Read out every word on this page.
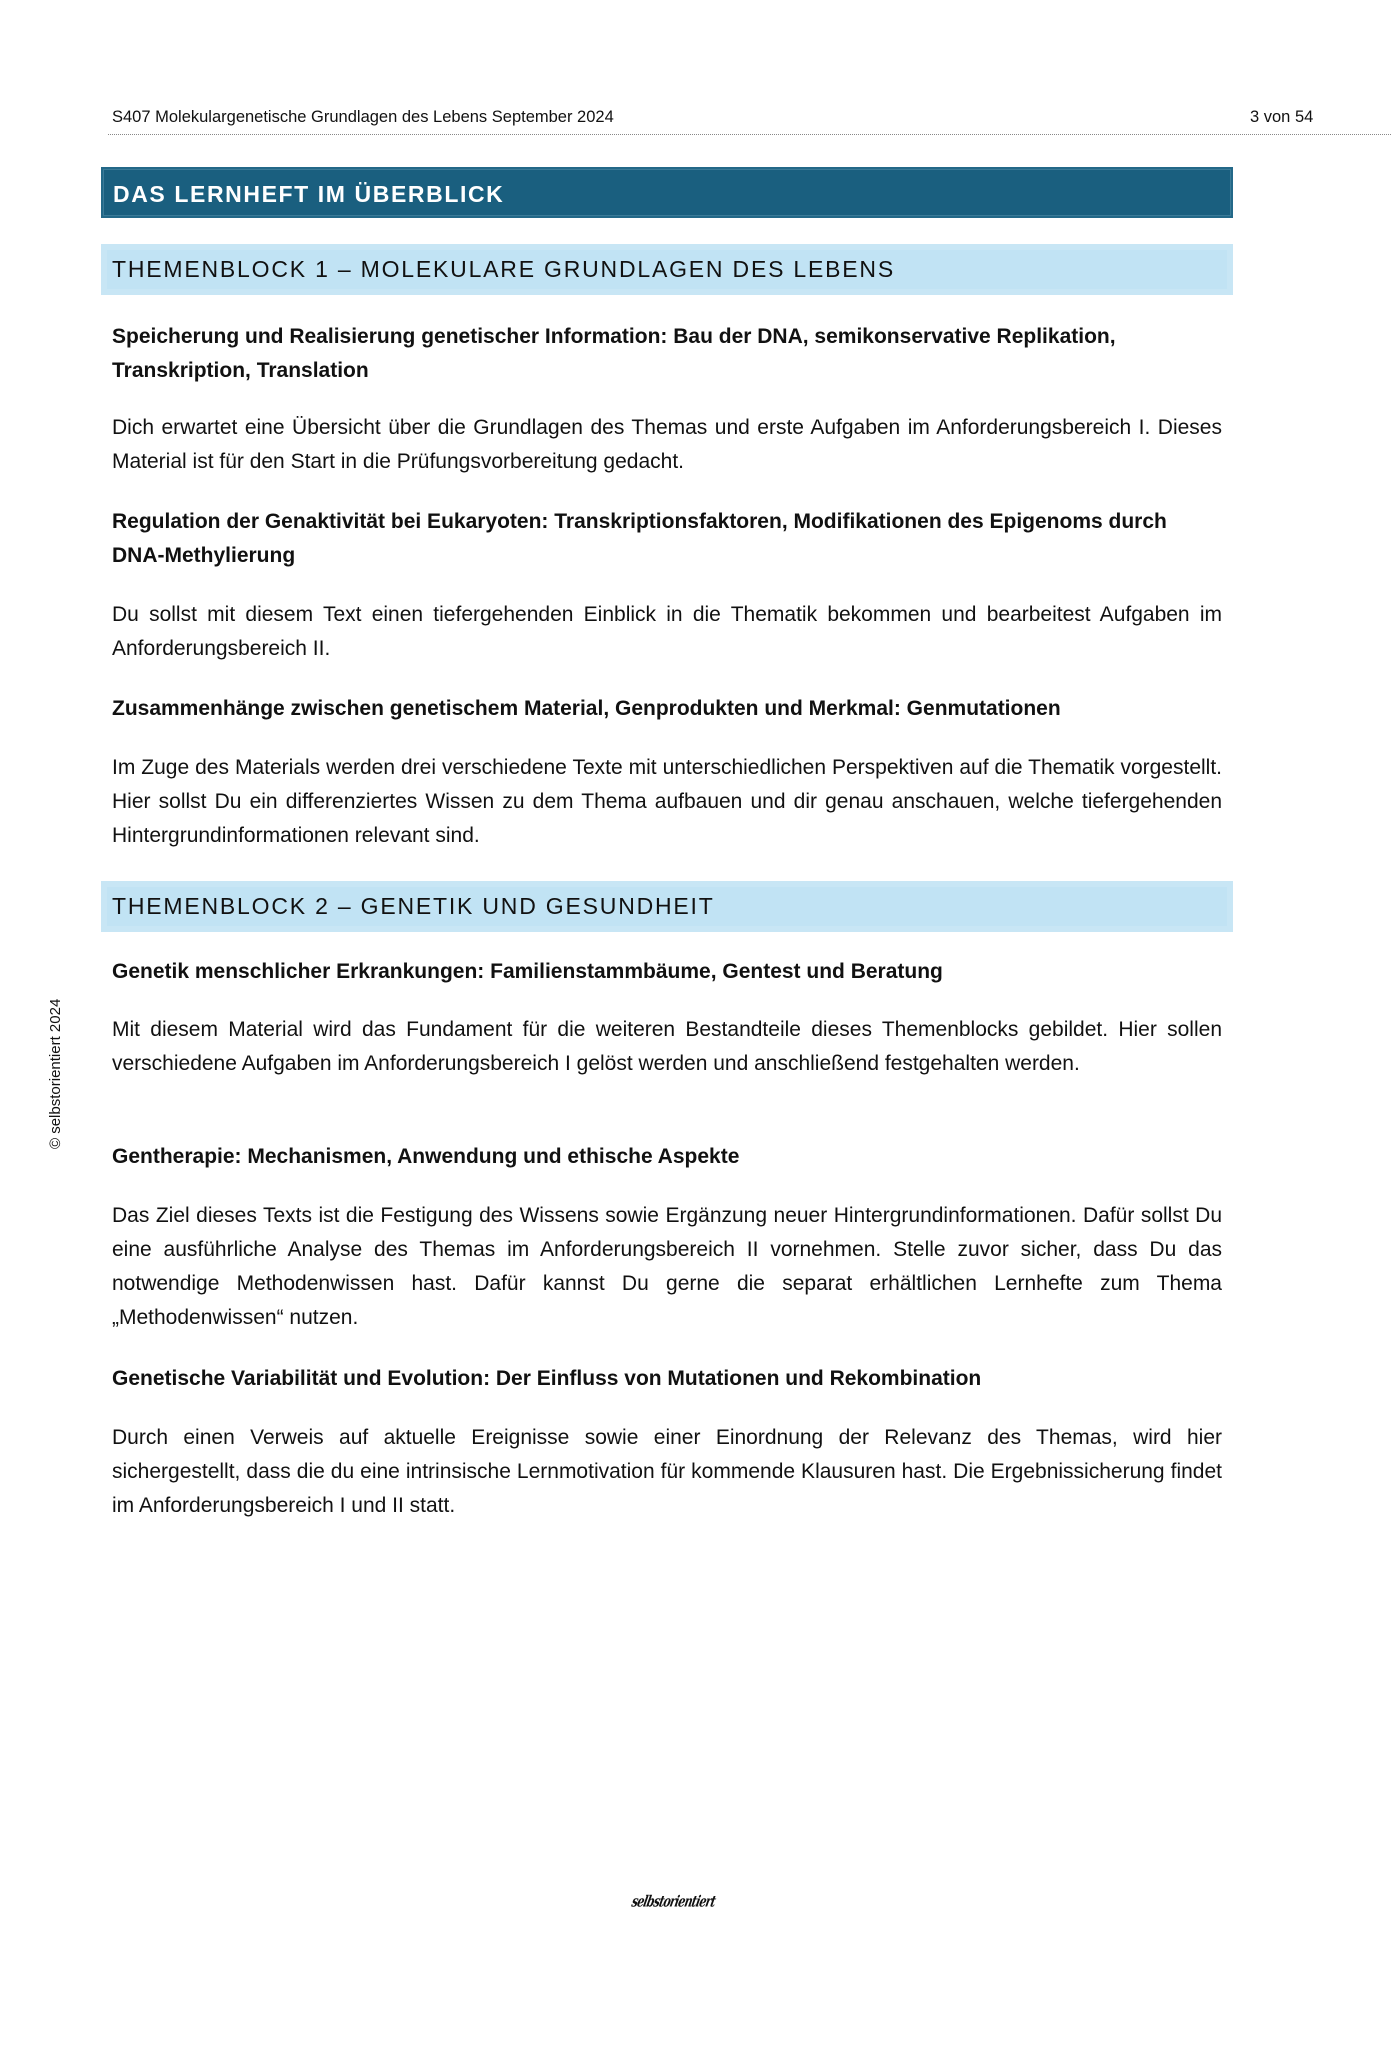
S407 Molekulargenetische Grundlagen des Lebens September 2024	3 von 54
DAS LERNHEFT IM ÜBERBLICK
THEMENBLOCK 1 – MOLEKULARE GRUNDLAGEN DES LEBENS
Speicherung und Realisierung genetischer Information: Bau der DNA, semikonservative Replikation, Transkription, Translation
Dich erwartet eine Übersicht über die Grundlagen des Themas und erste Aufgaben im Anforderungsbereich I. Dieses Material ist für den Start in die Prüfungsvorbereitung gedacht.
Regulation der Genaktivität bei Eukaryoten: Transkriptionsfaktoren, Modifikationen des Epigenoms durch DNA-Methylierung
Du sollst mit diesem Text einen tiefergehenden Einblick in die Thematik bekommen und bearbeitest Aufgaben im Anforderungsbereich II.
Zusammenhänge zwischen genetischem Material, Genprodukten und Merkmal: Genmutationen
Im Zuge des Materials werden drei verschiedene Texte mit unterschiedlichen Perspektiven auf die Thematik vorgestellt. Hier sollst Du ein differenziertes Wissen zu dem Thema aufbauen und dir genau anschauen, welche tiefergehenden Hintergrundinformationen relevant sind.
THEMENBLOCK 2 – GENETIK UND GESUNDHEIT
Genetik menschlicher Erkrankungen: Familienstammbäume, Gentest und Beratung
Mit diesem Material wird das Fundament für die weiteren Bestandteile dieses Themenblocks gebildet. Hier sollen verschiedene Aufgaben im Anforderungsbereich I gelöst werden und anschließend festgehalten werden.
Gentherapie: Mechanismen, Anwendung und ethische Aspekte
Das Ziel dieses Texts ist die Festigung des Wissens sowie Ergänzung neuer Hintergrundinformationen. Dafür sollst Du eine ausführliche Analyse des Themas im Anforderungsbereich II vornehmen. Stelle zuvor sicher, dass Du das notwendige Methodenwissen hast. Dafür kannst Du gerne die separat erhältlichen Lernhefte zum Thema „Methodenwissen“ nutzen.
Genetische Variabilität und Evolution: Der Einfluss von Mutationen und Rekombination
Durch einen Verweis auf aktuelle Ereignisse sowie einer Einordnung der Relevanz des Themas, wird hier sichergestellt, dass die du eine intrinsische Lernmotivation für kommende Klausuren hast. Die Ergebnissicherung findet im Anforderungsbereich I und II statt.
© selbstorientiert 2024
selbstorientiert
